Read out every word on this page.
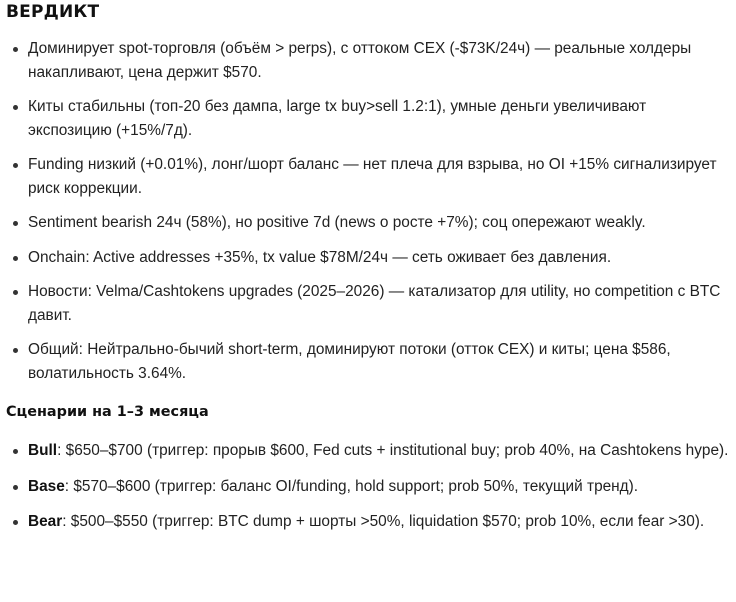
ВЕРДИКТ
Доминирует spot-торговля (объём > perps), с оттоком CEX (-$73K/24ч) — реальные холдеры накапливают, цена держит $570.
Киты стабильны (топ-20 без дампа, large tx buy>sell 1.2:1), умные деньги увеличивают экспозицию (+15%/7д).
Funding низкий (+0.01%), лонг/шорт баланс — нет плеча для взрыва, но OI +15% сигнализирует риск коррекции.
Sentiment bearish 24ч (58%), но positive 7d (news о росте +7%); соц опережают weakly.
Onchain: Active addresses +35%, tx value $78M/24ч — сеть оживает без давления.
Новости: Velma/Cashtokens upgrades (2025–2026) — катализатор для utility, но competition с BTC давит.
Общий: Нейтрально-бычий short-term, доминируют потоки (отток CEX) и киты; цена $586, волатильность 3.64%.
Сценарии на 1–3 месяца
Bull: $650–$700 (триггер: прорыв $600, Fed cuts + institutional buy; prob 40%, на Cashtokens hype).
Base: $570–$600 (триггер: баланс OI/funding, hold support; prob 50%, текущий тренд).
Bear: $500–$550 (триггер: BTC dump + шорты >50%, liquidation $570; prob 10%, если fear >30).
